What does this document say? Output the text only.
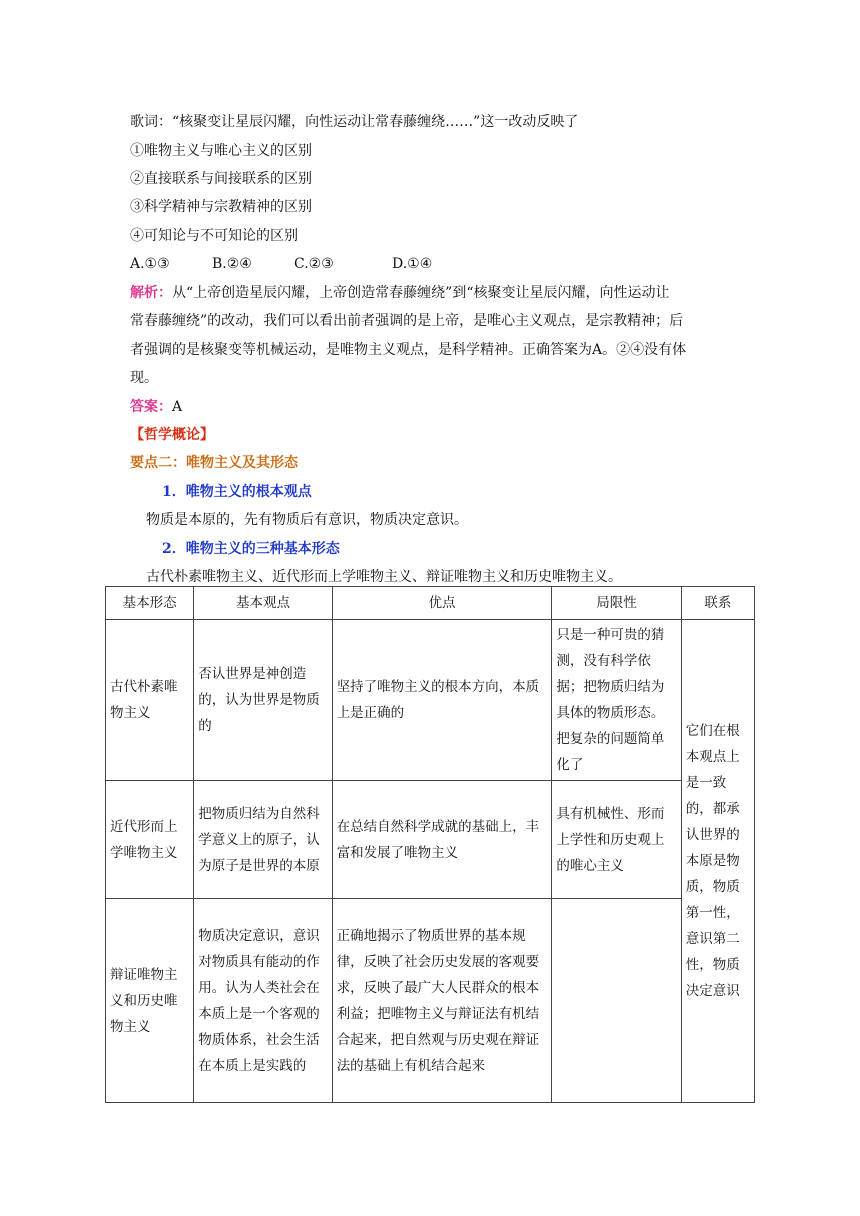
歌词：“核聚变让星辰闪耀，向性运动让常春藤缠绕……”这一改动反映了
①唯物主义与唯心主义的区别
②直接联系与间接联系的区别
③科学精神与宗教精神的区别
④可知论与不可知论的区别
A.①③	B.②④	C.②③	D.①④
解析：从“上帝创造星辰闪耀，上帝创造常春藤缠绕”到“核聚变让星辰闪耀，向性运动让
常春藤缠绕”的改动，我们可以看出前者强调的是上帝，是唯心主义观点，是宗教精神；后
者强调的是核聚变等机械运动，是唯物主义观点，是科学精神。正确答案为A。②④没有体
现。
答案：A
【哲学概论】
要点二：唯物主义及其形态
1．唯物主义的根本观点
物质是本原的，先有物质后有意识，物质决定意识。
2．唯物主义的三种基本形态
古代朴素唯物主义、近代形而上学唯物主义、辩证唯物主义和历史唯物主义。
基本形态	基本观点	优点	局限性	联系
古代朴素唯物主义	否认世界是神创造的，认为世界是物质的	坚持了唯物主义的根本方向，本质上是正确的	只是一种可贵的猜测，没有科学依据；把物质归结为具体的物质形态。把复杂的问题简单化了	它们在根本观点上是一致的，都承认世界的本原是物质，物质第一性，意识第二性，物质决定意识
近代形而上学唯物主义	把物质归结为自然科学意义上的原子，认为原子是世界的本原	在总结自然科学成就的基础上，丰富和发展了唯物主义	具有机械性、形而上学性和历史观上的唯心主义	
辩证唯物主义和历史唯物主义	物质决定意识，意识对物质具有能动的作用。认为人类社会在本质上是一个客观的物质体系，社会生活在本质上是实践的	正确地揭示了物质世界的基本规律，反映了社会历史发展的客观要求，反映了最广大人民群众的根本利益；把唯物主义与辩证法有机结合起来，把自然观与历史观在辩证法的基础上有机结合起来		
